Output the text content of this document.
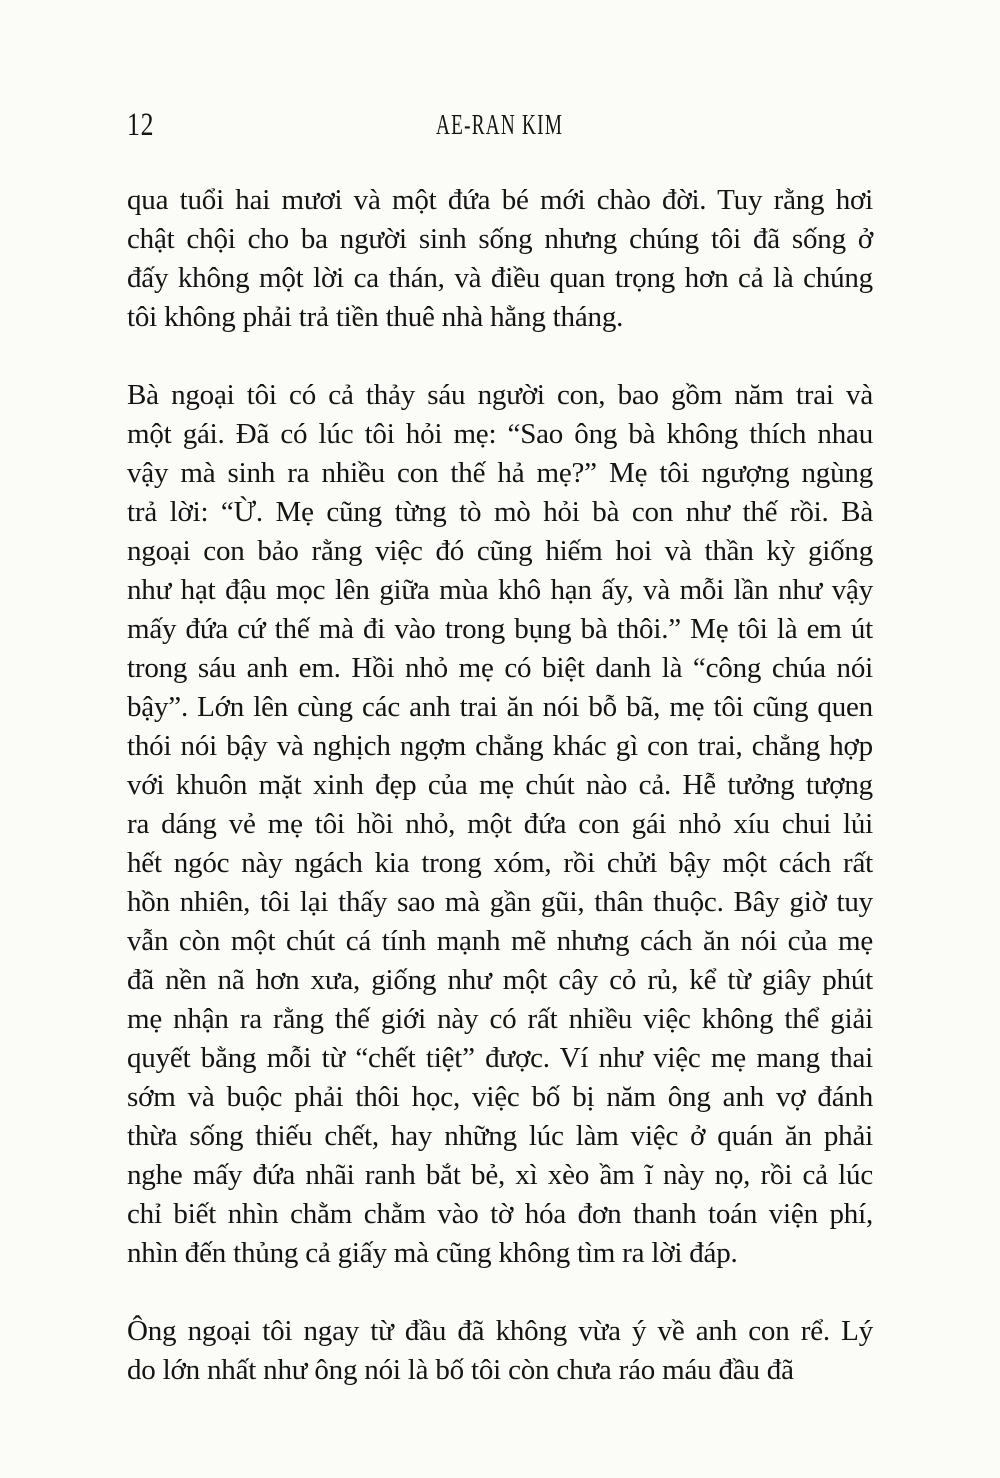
12	AE-RAN KIM
qua tuổi hai mươi và một đứa bé mới chào đời. Tuy rằng hơi
chật chội cho ba người sinh sống nhưng chúng tôi đã sống ở
đấy không một lời ca thán, và điều quan trọng hơn cả là chúng
tôi không phải trả tiền thuê nhà hằng tháng.
Bà ngoại tôi có cả thảy sáu người con, bao gồm năm trai và
một gái. Đã có lúc tôi hỏi mẹ: “Sao ông bà không thích nhau
vậy mà sinh ra nhiều con thế hả mẹ?” Mẹ tôi ngượng ngùng
trả lời: “Ừ. Mẹ cũng từng tò mò hỏi bà con như thế rồi. Bà
ngoại con bảo rằng việc đó cũng hiếm hoi và thần kỳ giống
như hạt đậu mọc lên giữa mùa khô hạn ấy, và mỗi lần như vậy
mấy đứa cứ thế mà đi vào trong bụng bà thôi.” Mẹ tôi là em út
trong sáu anh em. Hồi nhỏ mẹ có biệt danh là “công chúa nói
bậy”. Lớn lên cùng các anh trai ăn nói bỗ bã, mẹ tôi cũng quen
thói nói bậy và nghịch ngợm chẳng khác gì con trai, chẳng hợp
với khuôn mặt xinh đẹp của mẹ chút nào cả. Hễ tưởng tượng
ra dáng vẻ mẹ tôi hồi nhỏ, một đứa con gái nhỏ xíu chui lủi
hết ngóc này ngách kia trong xóm, rồi chửi bậy một cách rất
hồn nhiên, tôi lại thấy sao mà gần gũi, thân thuộc. Bây giờ tuy
vẫn còn một chút cá tính mạnh mẽ nhưng cách ăn nói của mẹ
đã nền nã hơn xưa, giống như một cây cỏ rủ, kể từ giây phút
mẹ nhận ra rằng thế giới này có rất nhiều việc không thể giải
quyết bằng mỗi từ “chết tiệt” được. Ví như việc mẹ mang thai
sớm và buộc phải thôi học, việc bố bị năm ông anh vợ đánh
thừa sống thiếu chết, hay những lúc làm việc ở quán ăn phải
nghe mấy đứa nhãi ranh bắt bẻ, xì xèo ầm ĩ này nọ, rồi cả lúc
chỉ biết nhìn chằm chằm vào tờ hóa đơn thanh toán viện phí,
nhìn đến thủng cả giấy mà cũng không tìm ra lời đáp.
Ông ngoại tôi ngay từ đầu đã không vừa ý về anh con rể. Lý
do lớn nhất như ông nói là bố tôi còn chưa ráo máu đầu đã
